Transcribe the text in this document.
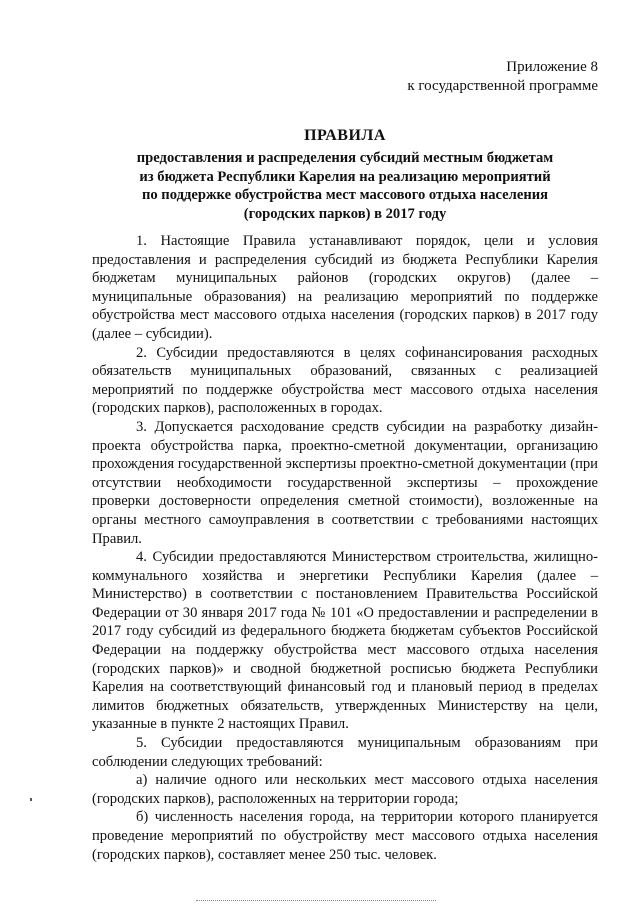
Приложение 8
к государственной программе
ПРАВИЛА
предоставления и распределения субсидий местным бюджетам
из бюджета Республики Карелия на реализацию мероприятий
по поддержке обустройства мест массового отдыха населения
(городских парков) в 2017 году

1. Настоящие Правила устанавливают порядок, цели и условия предоставления и распределения субсидий из бюджета Республики Карелия бюджетам муниципальных районов (городских округов) (далее – муниципальные образования) на реализацию мероприятий по поддержке обустройства мест массового отдыха населения (городских парков) в 2017 году (далее – субсидии).

2. Субсидии предоставляются в целях софинансирования расходных обязательств муниципальных образований, связанных с реализацией мероприятий по поддержке обустройства мест массового отдыха населения (городских парков), расположенных в городах.

3. Допускается расходование средств субсидии на разработку дизайн-проекта обустройства парка, проектно-сметной документации, организацию прохождения государственной экспертизы проектно-сметной документации (при отсутствии необходимости государственной экспертизы – прохождение проверки достоверности определения сметной стоимости), возложенные на органы местного самоуправления в соответствии с требованиями настоящих Правил.

4. Субсидии предоставляются Министерством строительства, жилищно-коммунального хозяйства и энергетики Республики Карелия (далее – Министерство) в соответствии с постановлением Правительства Российской Федерации от 30 января 2017 года № 101 «О предоставлении и распределении в 2017 году субсидий из федерального бюджета бюджетам субъектов Российской Федерации на поддержку обустройства мест массового отдыха населения (городских парков)» и сводной бюджетной росписью бюджета Республики Карелия на соответствующий финансовый год и плановый период в пределах лимитов бюджетных обязательств, утвержденных Министерству на цели, указанные в пункте 2 настоящих Правил.

5. Субсидии предоставляются муниципальным образованиям при соблюдении следующих требований:

а) наличие одного или нескольких мест массового отдыха населения (городских парков), расположенных на территории города;

б) численность населения города, на территории которого планируется проведение мероприятий по обустройству мест массового отдыха населения (городских парков), составляет менее 250 тыс. человек.
